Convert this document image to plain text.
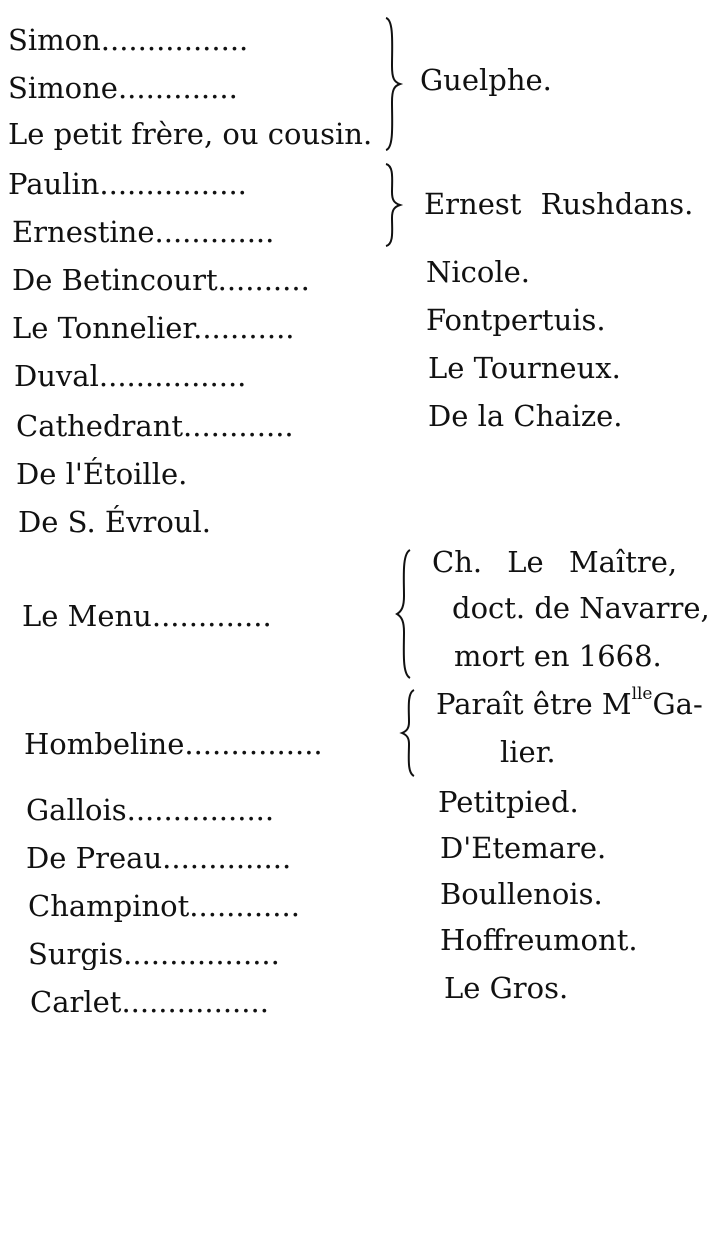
Simon................
Simone.............
Le petit frère, ou cousin.
Paulin................
Ernestine.............
De Betincourt..........
Le Tonnelier...........
Duval................
Cathedrant............
De l'Étoille.
De S. Évroul.
Le Menu.............
Hombeline...............
Gallois................
De Preau..............
Champinot............
Surgis.................
Carlet................
Guelphe.
Ernest Rushdans.
Nicole.
Fontpertuis.
Le Tourneux.
De la Chaize.
Ch. Le Maître,
doct. de Navarre,
mort en 1668.
Paraît être $M^{lle}Ga-$
lier.
Petitpied.
D'Etemare.
Boullenois.
Hoffreumont.
Le Gros.
